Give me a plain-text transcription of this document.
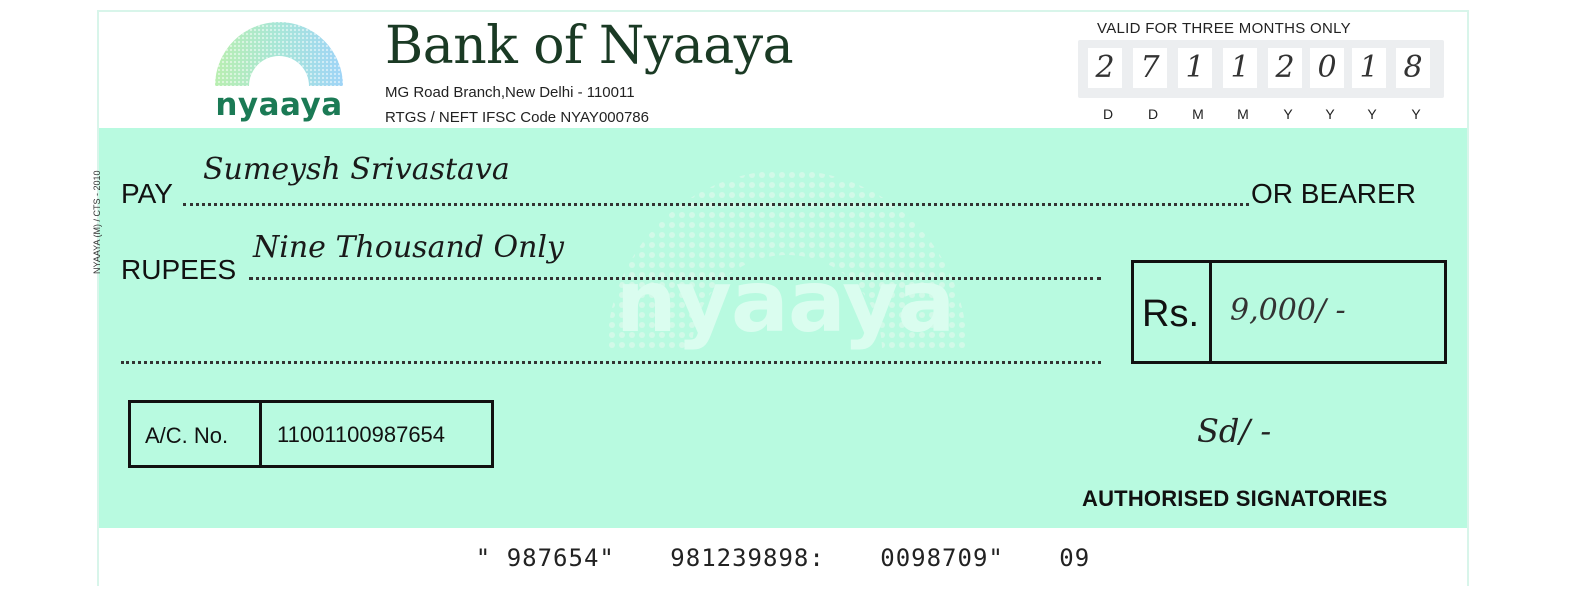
nyaaya
Bank of Nyaaya
MG Road Branch,New Delhi - 110011
RTGS / NEFT IFSC Code NYAY000786
VALID FOR THREE MONTHS ONLY
2 7 1 1 2 0 1 8
D	D	M	M	Y	Y	Y	Y
nyaaya
NYAAYA (M) / CTS - 2010 PAY
Sumeysh Srivastava
OR BEARER
RUPEES
Nine Thousand Only
Rs. 9,000/ -
A/C. No. 11001100987654	Sd/ -
AUTHORISED SIGNATORIES
" 987654" 981239898: 0098709" 09
